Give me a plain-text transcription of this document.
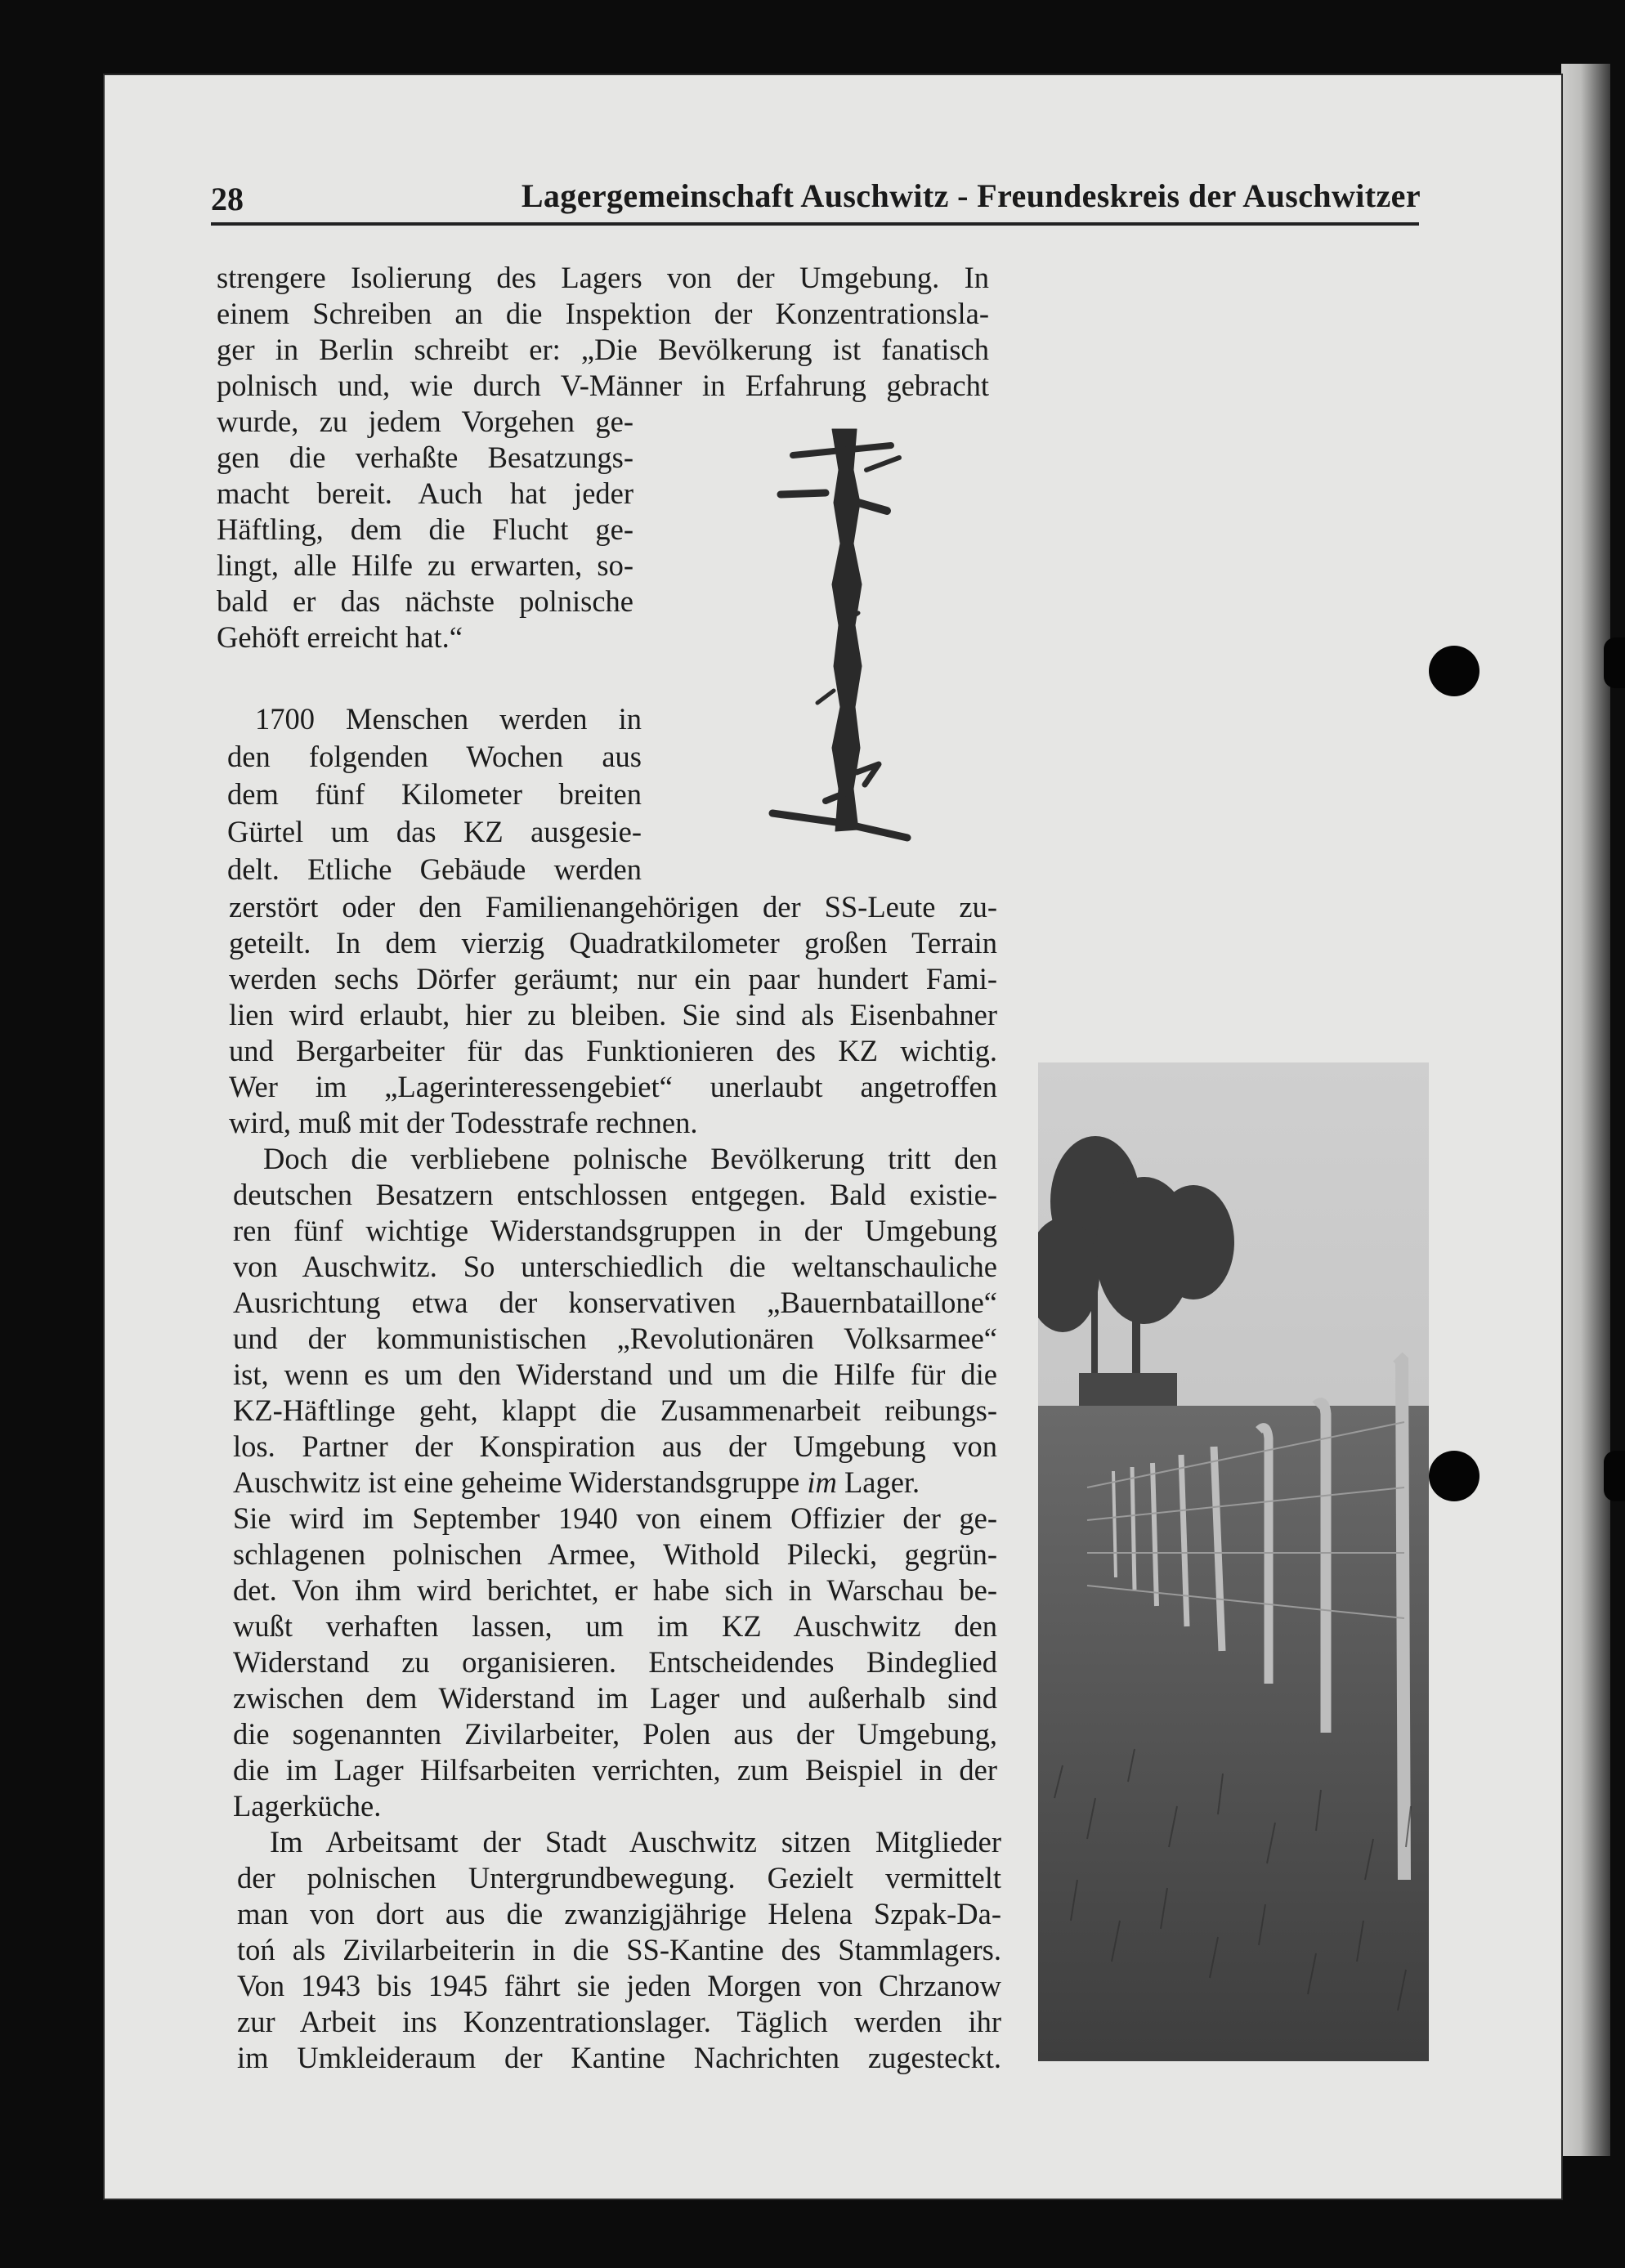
28	Lagergemeinschaft Auschwitz - Freundeskreis der Auschwitzer
strengere Isolierung des Lagers von der Umgebung. In
einem Schreiben an die Inspektion der Konzentrationsla-
ger in Berlin schreibt er: „Die Bevölkerung ist fanatisch
polnisch und, wie durch V-Männer in Erfahrung gebracht
wurde, zu jedem Vorgehen ge-
gen die verhaßte Besatzungs-
macht bereit. Auch hat jeder
Häftling, dem die Flucht ge-
lingt, alle Hilfe zu erwarten, so-
bald er das nächste polnische
Gehöft erreicht hat.“
1700 Menschen werden in
den folgenden Wochen aus
dem fünf Kilometer breiten
Gürtel um das KZ ausgesie-
delt. Etliche Gebäude werden
zerstört oder den Familienangehörigen der SS-Leute zu-
geteilt. In dem vierzig Quadratkilometer großen Terrain
werden sechs Dörfer geräumt; nur ein paar hundert Fami-
lien wird erlaubt, hier zu bleiben. Sie sind als Eisenbahner
und Bergarbeiter für das Funktionieren des KZ wichtig.
Wer im „Lagerinteressengebiet“ unerlaubt angetroffen
wird, muß mit der Todesstrafe rechnen.
Doch die verbliebene polnische Bevölkerung tritt den
deutschen Besatzern entschlossen entgegen. Bald existie-
ren fünf wichtige Widerstandsgruppen in der Umgebung
von Auschwitz. So unterschiedlich die weltanschauliche
Ausrichtung etwa der konservativen „Bauernbataillone“
und der kommunistischen „Revolutionären Volksarmee“
ist, wenn es um den Widerstand und um die Hilfe für die
KZ-Häftlinge geht, klappt die Zusammenarbeit reibungs-
los. Partner der Konspiration aus der Umgebung von
Auschwitz ist eine geheime Widerstandsgruppe im Lager.
Sie wird im September 1940 von einem Offizier der ge-
schlagenen polnischen Armee, Withold Pilecki, gegrün-
det. Von ihm wird berichtet, er habe sich in Warschau be-
wußt verhaften lassen, um im KZ Auschwitz den
Widerstand zu organisieren. Entscheidendes Bindeglied
zwischen dem Widerstand im Lager und außerhalb sind
die sogenannten Zivilarbeiter, Polen aus der Umgebung,
die im Lager Hilfsarbeiten verrichten, zum Beispiel in der
Lagerküche.
Im Arbeitsamt der Stadt Auschwitz sitzen Mitglieder
der polnischen Untergrundbewegung. Gezielt vermittelt
man von dort aus die zwanzigjährige Helena Szpak-Da-
toń als Zivilarbeiterin in die SS-Kantine des Stammlagers.
Von 1943 bis 1945 fährt sie jeden Morgen von Chrzanow
zur Arbeit ins Konzentrationslager. Täglich werden ihr
im Umkleideraum der Kantine Nachrichten zugesteckt.
